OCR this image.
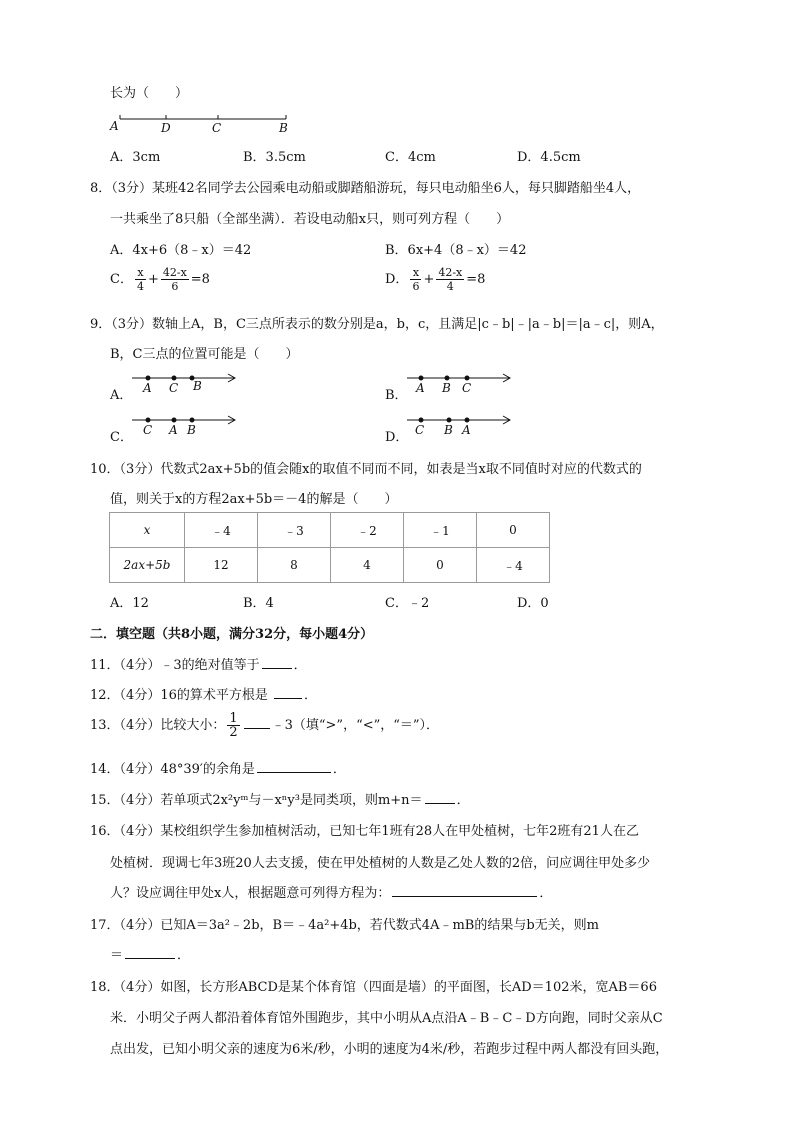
长为（　　）
A	D	C	B
A．3cm	B．3.5cm	C．4cm	D．4.5cm
8．（3分）某班42名同学去公园乘电动船或脚踏船游玩，每只电动船坐6人，每只脚踏船坐4人，
一共乘坐了8只船（全部坐满）．若设电动船x只，则可列方程（　　）
A．4x+6（8﹣x）＝42	B．6x+4（8﹣x）＝42
C． $\frac{x}{4} + \frac{42-x}{6} =8$	D． $\frac{x}{6} + \frac{42-x}{4} =8$
9．（3分）数轴上A，B，C三点所表示的数分别是a，b，c，且满足|c﹣b|﹣|a﹣b|＝|a﹣c|，则A，
B，C三点的位置可能是（　　）
A． A C B
B． A B C
C． C A B	D． C B A
10．（3分）代数式2ax+5b的值会随x的取值不同而不同，如表是当x取不同值时对应的代数式的
值，则关于x的方程2ax+5b＝－4的解是（　　）
x	﹣4	﹣3	﹣2	﹣1	0
2ax+5b	12	8	4	0	﹣4
A．12	B．4	C．﹣2	D．0
二．填空题（共8小题，满分32分，每小题4分）
11．（4分）﹣3的绝对值等于	．
12．（4分）16的算术平方根是	．
13．（4分）比较大小： $\frac{1}{2}$ ﹣3（填“>”，“<”，“＝”）．
14．（4分）48°39′的余角是	．
15．（4分）若单项式2x²yᵐ与－xⁿy³是同类项，则m+n＝	．
16．（4分）某校组织学生参加植树活动，已知七年1班有28人在甲处植树，七年2班有21人在乙
处植树．现调七年3班20人去支援，使在甲处植树的人数是乙处人数的2倍，问应调往甲处多少
人？设应调往甲处x人，根据题意可列得方程为：	．
17．（4分）已知A＝3a²﹣2b，B＝﹣4a²+4b，若代数式4A﹣mB的结果与b无关，则m
＝	．
18．（4分）如图，长方形ABCD是某个体育馆（四面是墙）的平面图，长AD＝102米，宽AB＝66
米．小明父子两人都沿着体育馆外围跑步，其中小明从A点沿A﹣B﹣C﹣D方向跑，同时父亲从C
点出发，已知小明父亲的速度为6米/秒，小明的速度为4米/秒，若跑步过程中两人都没有回头跑，
